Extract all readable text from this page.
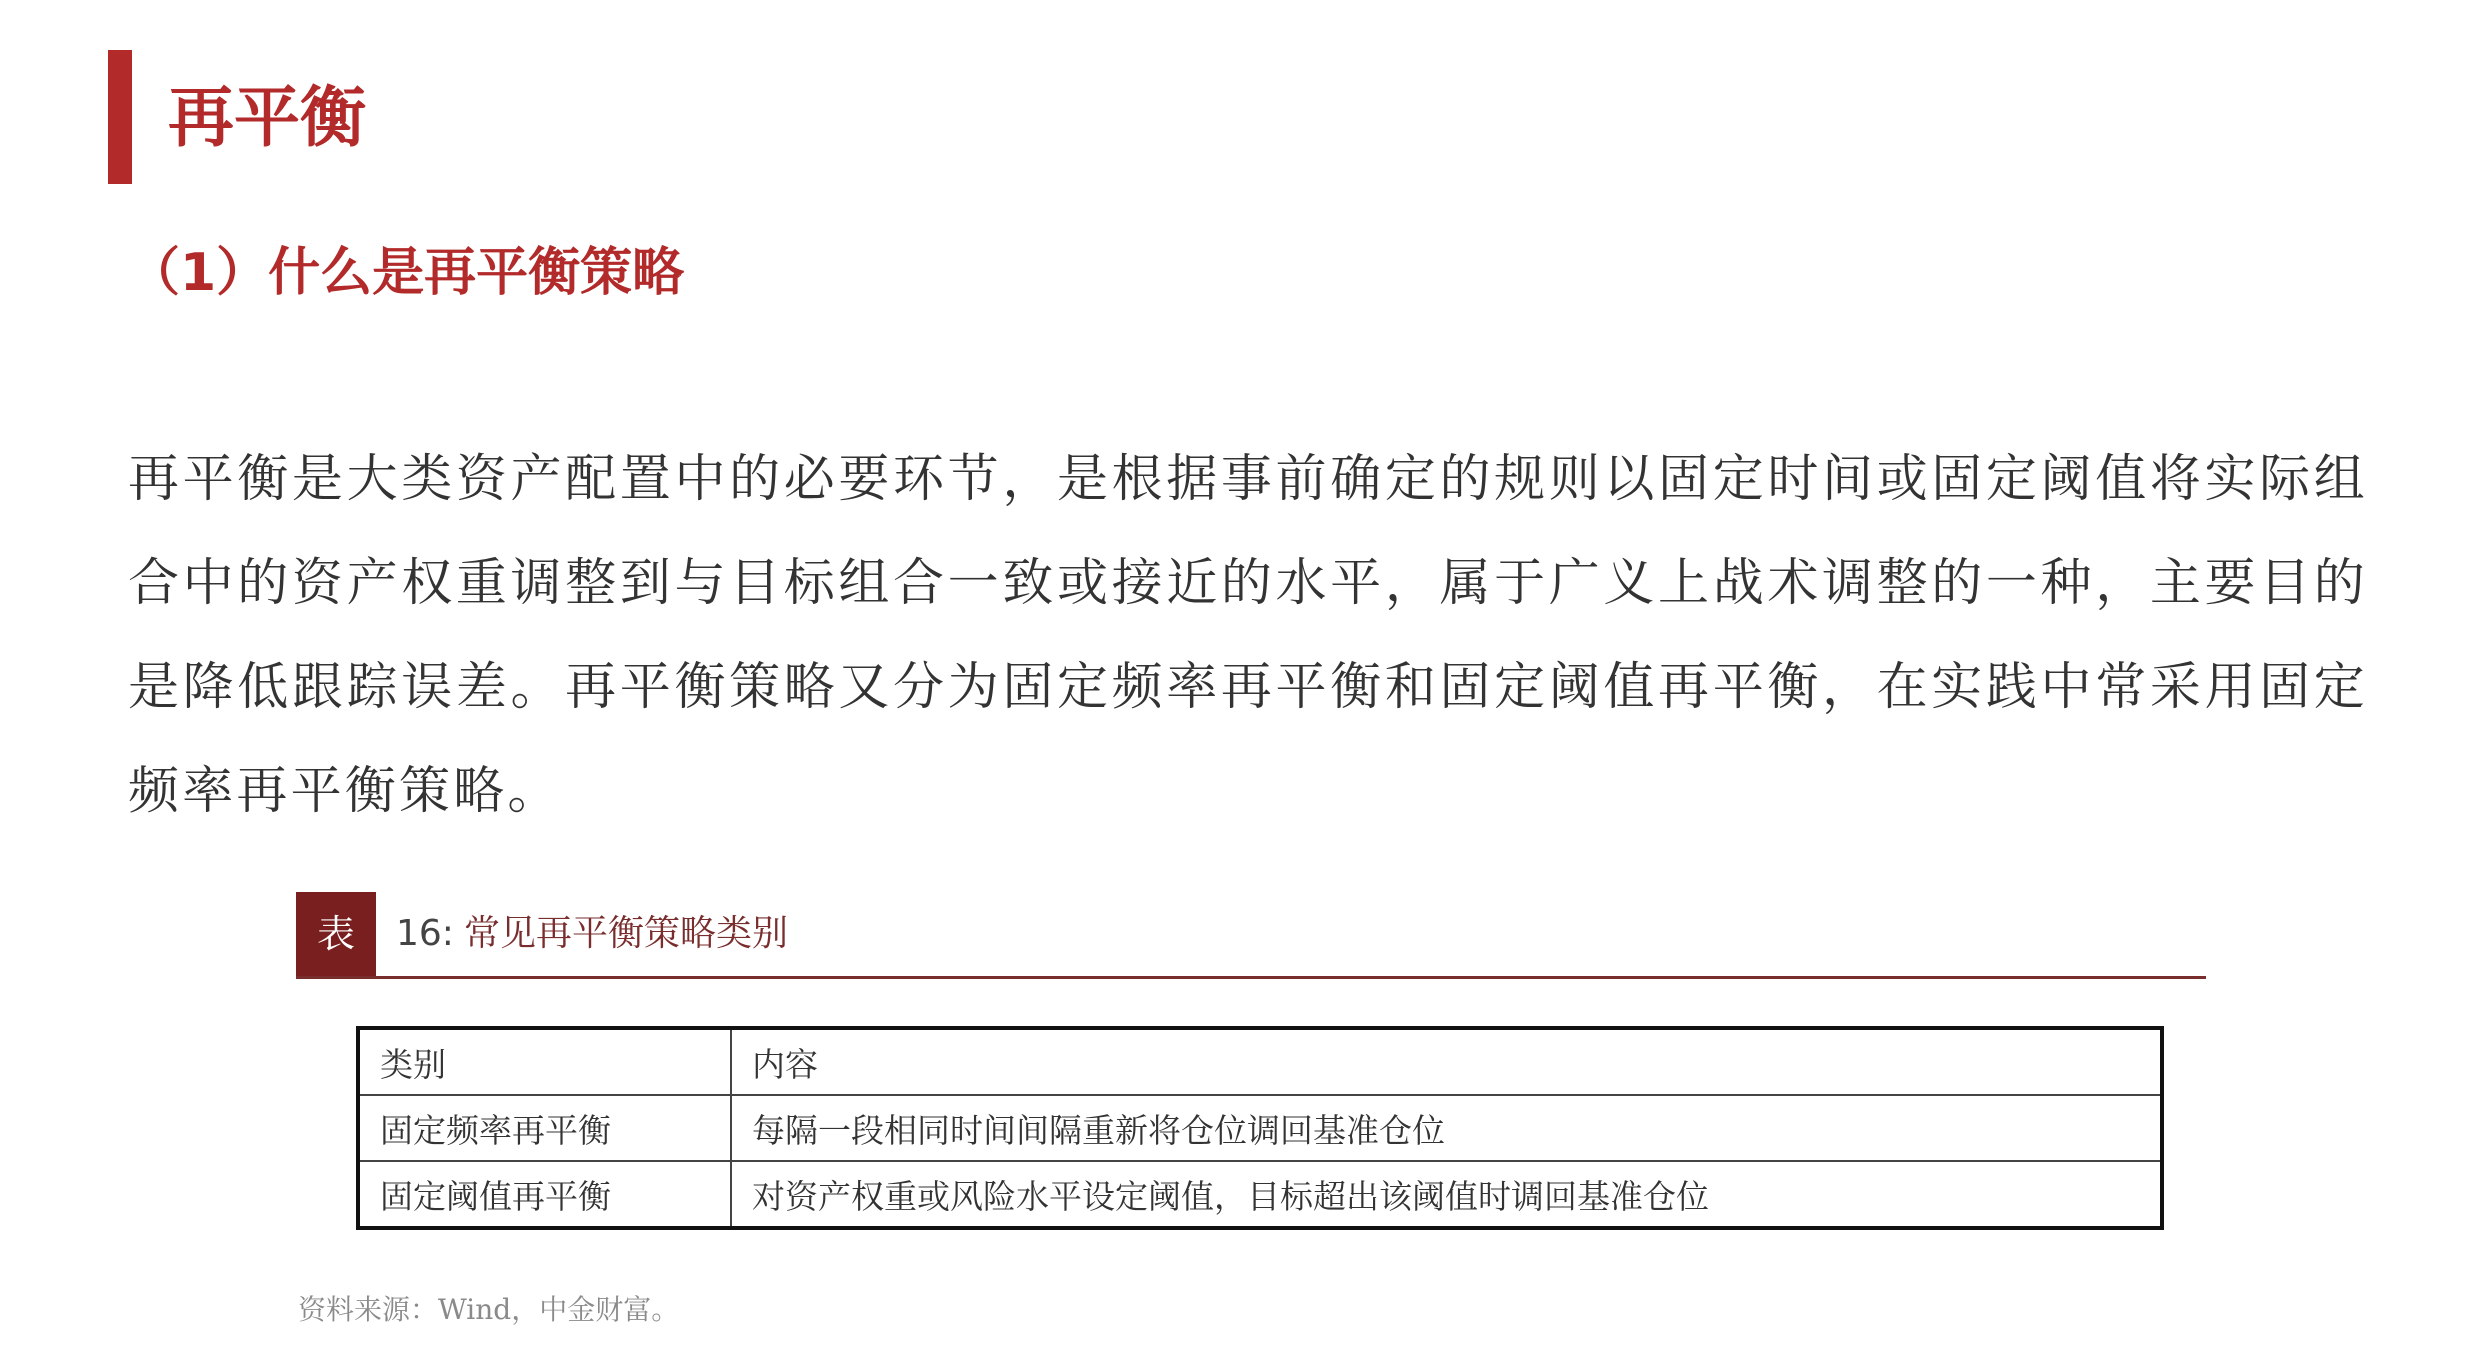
再平衡
（1）什么是再平衡策略
再平衡是大类资产配置中的必要环节，是根据事前确定的规则以固定时间或固定阈值将实际组合中的资产权重调整到与目标组合一致或接近的水平，属于广义上战术调整的一种，主要目的是降低跟踪误差。再平衡策略又分为固定频率再平衡和固定阈值再平衡，在实践中常采用固定频率再平衡策略。
表	16: 常见再平衡策略类别
类别	内容
固定频率再平衡	每隔一段相同时间间隔重新将仓位调回基准仓位
固定阈值再平衡	对资产权重或风险水平设定阈值，目标超出该阈值时调回基准仓位
资料来源：Wind，中金财富。
